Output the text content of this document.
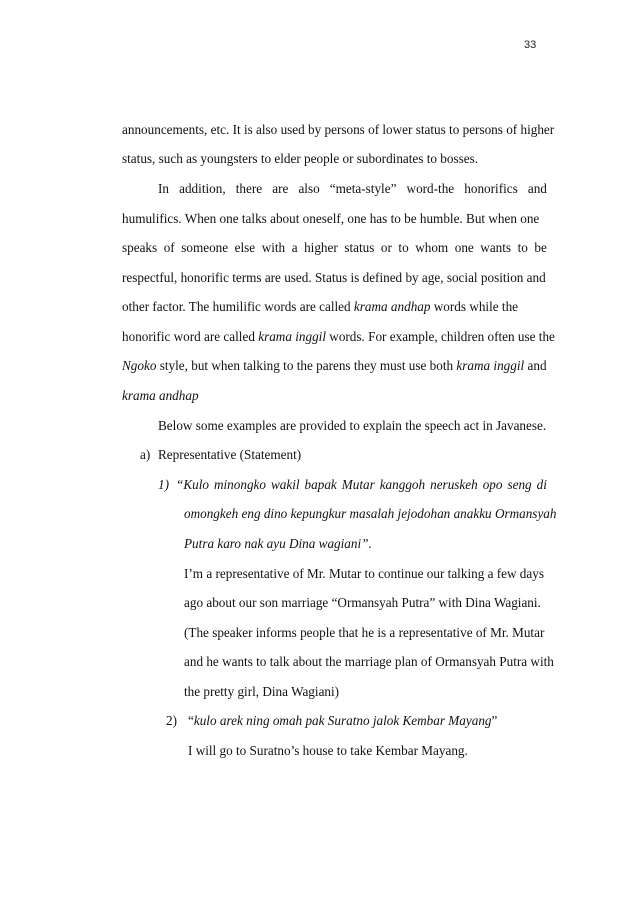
33
announcements, etc. It is also used by persons of lower status to persons of higher
status, such as youngsters to elder people or subordinates to bosses.
In addition, there are also “meta-style” word-the honorifics and
humulifics. When one talks about oneself, one has to be humble. But when one
speaks of someone else with a higher status or to whom one wants to be
respectful, honorific terms are used. Status is defined by age, social position and
other factor. The humilific words are called krama andhap words while the
honorific word are called krama inggil words. For example, children often use the
Ngoko style, but when talking to the parens they must use both krama inggil and
krama andhap
Below some examples are provided to explain the speech act in Javanese.
a) Representative (Statement)
1) “Kulo minongko wakil bapak Mutar kanggoh neruskeh opo seng di
omongkeh eng dino kepungkur masalah jejodohan anakku Ormansyah
Putra karo nak ayu Dina wagiani”.
I’m a representative of Mr. Mutar to continue our talking a few days
ago about our son marriage “Ormansyah Putra” with Dina Wagiani.
(The speaker informs people that he is a representative of Mr. Mutar
and he wants to talk about the marriage plan of Ormansyah Putra with
the pretty girl, Dina Wagiani)
2) “kulo arek ning omah pak Suratno jalok Kembar Mayang”
I will go to Suratno’s house to take Kembar Mayang.
